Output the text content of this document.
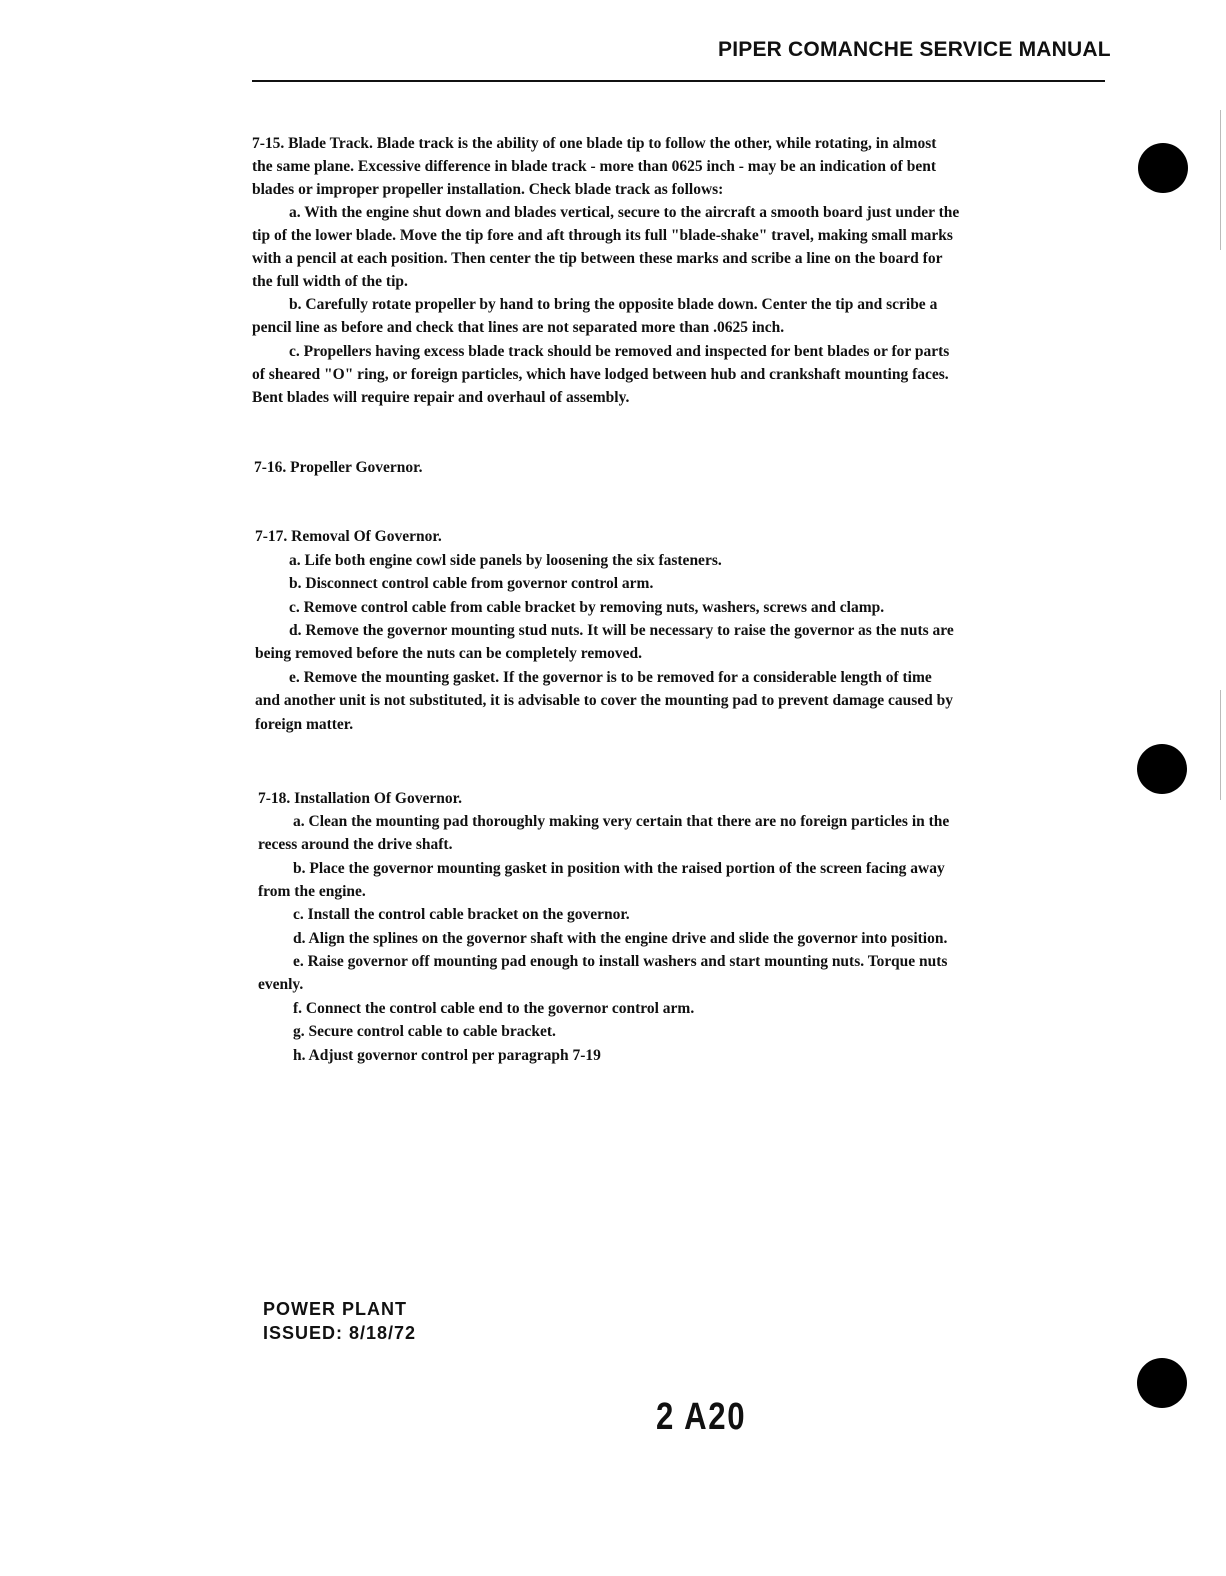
PIPER COMANCHE SERVICE MANUAL
7-15. Blade Track. Blade track is the ability of one blade tip to follow the other, while rotating, in almost
the same plane. Excessive difference in blade track - more than 0625 inch - may be an indication of bent
blades or improper propeller installation. Check blade track as follows:
a. With the engine shut down and blades vertical, secure to the aircraft a smooth board just under the
tip of the lower blade. Move the tip fore and aft through its full "blade-shake" travel, making small marks
with a pencil at each position. Then center the tip between these marks and scribe a line on the board for
the full width of the tip.
b. Carefully rotate propeller by hand to bring the opposite blade down. Center the tip and scribe a
pencil line as before and check that lines are not separated more than .0625 inch.
c. Propellers having excess blade track should be removed and inspected for bent blades or for parts
of sheared "O" ring, or foreign particles, which have lodged between hub and crankshaft mounting faces.
Bent blades will require repair and overhaul of assembly.
7-16. Propeller Governor.
7-17. Removal Of Governor.
a. Life both engine cowl side panels by loosening the six fasteners.
b. Disconnect control cable from governor control arm.
c. Remove control cable from cable bracket by removing nuts, washers, screws and clamp.
d. Remove the governor mounting stud nuts. It will be necessary to raise the governor as the nuts are
being removed before the nuts can be completely removed.
e. Remove the mounting gasket. If the governor is to be removed for a considerable length of time
and another unit is not substituted, it is advisable to cover the mounting pad to prevent damage caused by
foreign matter.
7-18. Installation Of Governor.
a. Clean the mounting pad thoroughly making very certain that there are no foreign particles in the
recess around the drive shaft.
b. Place the governor mounting gasket in position with the raised portion of the screen facing away
from the engine.
c. Install the control cable bracket on the governor.
d. Align the splines on the governor shaft with the engine drive and slide the governor into position.
e. Raise governor off mounting pad enough to install washers and start mounting nuts. Torque nuts
evenly.
f. Connect the control cable end to the governor control arm.
g. Secure control cable to cable bracket.
h. Adjust governor control per paragraph 7-19
POWER PLANT
ISSUED: 8/18/72
2 A20
